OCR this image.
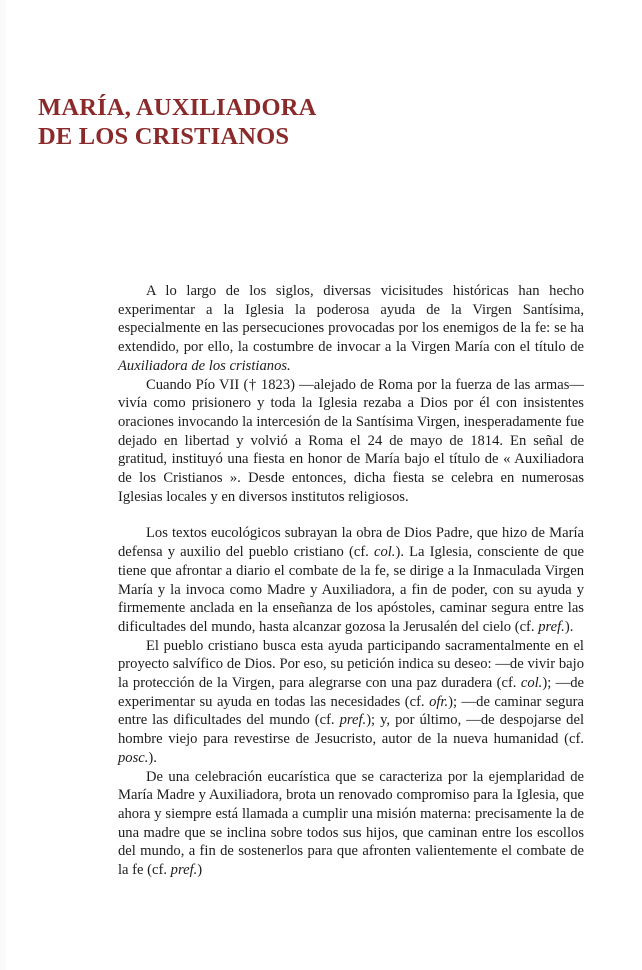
MARÍA, AUXILIADORA
DE LOS CRISTIANOS

A lo largo de los siglos, diversas vicisitudes históricas han hecho experimentar a la Iglesia la poderosa ayuda de la Virgen Santísima, especialmente en las persecuciones provocadas por los enemigos de la fe: se ha extendido, por ello, la costumbre de invocar a la Virgen María con el título de Auxiliadora de los cristianos.

Cuando Pío VII († 1823) —alejado de Roma por la fuerza de las armas— vivía como prisionero y toda la Iglesia rezaba a Dios por él con insistentes oraciones invocando la intercesión de la Santísima Virgen, inesperadamente fue dejado en libertad y volvió a Roma el 24 de mayo de 1814. En señal de gratitud, instituyó una fiesta en honor de María bajo el título de « Auxiliadora de los Cristianos ». Desde entonces, dicha fiesta se celebra en numerosas Iglesias locales y en diversos institutos religiosos.

Los textos eucológicos subrayan la obra de Dios Padre, que hizo de María defensa y auxilio del pueblo cristiano (cf. col.). La Iglesia, consciente de que tiene que afrontar a diario el combate de la fe, se dirige a la Inmaculada Virgen María y la invoca como Madre y Auxiliadora, a fin de poder, con su ayuda y firmemente anclada en la enseñanza de los apóstoles, caminar segura entre las dificultades del mundo, hasta alcanzar gozosa la Jerusalén del cielo (cf. pref.).

El pueblo cristiano busca esta ayuda participando sacramentalmente en el proyecto salvífico de Dios. Por eso, su petición indica su deseo: —de vivir bajo la protección de la Virgen, para alegrarse con una paz duradera (cf. col.); —de experimentar su ayuda en todas las necesidades (cf. ofr.); —de caminar segura entre las dificultades del mundo (cf. pref.); y, por último, —de despojarse del hombre viejo para revestirse de Jesucristo, autor de la nueva humanidad (cf. posc.).

De una celebración eucarística que se caracteriza por la ejemplaridad de María Madre y Auxiliadora, brota un renovado compromiso para la Iglesia, que ahora y siempre está llamada a cumplir una misión materna: precisamente la de una madre que se inclina sobre todos sus hijos, que caminan entre los escollos del mundo, a fin de sostenerlos para que afronten valientemente el combate de la fe (cf. pref.)
